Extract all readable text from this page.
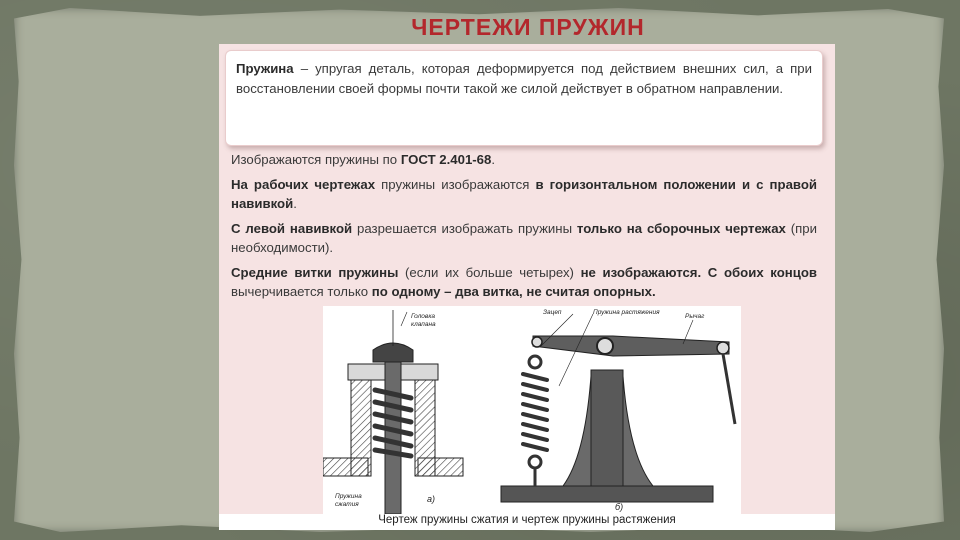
ЧЕРТЕЖИ ПРУЖИН

Пружина – упругая деталь, которая деформируется под действием внешних сил, а при восстановлении своей формы почти такой же силой действует в обратном направлении.

Изображаются пружины по ГОСТ 2.401-68.

На рабочих чертежах пружины изображаются в горизонтальном положении и с правой навивкой.

С левой навивкой разрешается изображать пружины только на сборочных чертежах (при необходимости).

Средние витки пружины (если их больше четырех) не изображаются. С обоих концов вычерчивается только по одному – два витка, не считая опорных.

Головка
клапана
Пружина
сжатия
а)
Зацеп	Пружина растяжения
Рычаг
б)
Чертеж пружины сжатия и чертеж пружины растяжения
